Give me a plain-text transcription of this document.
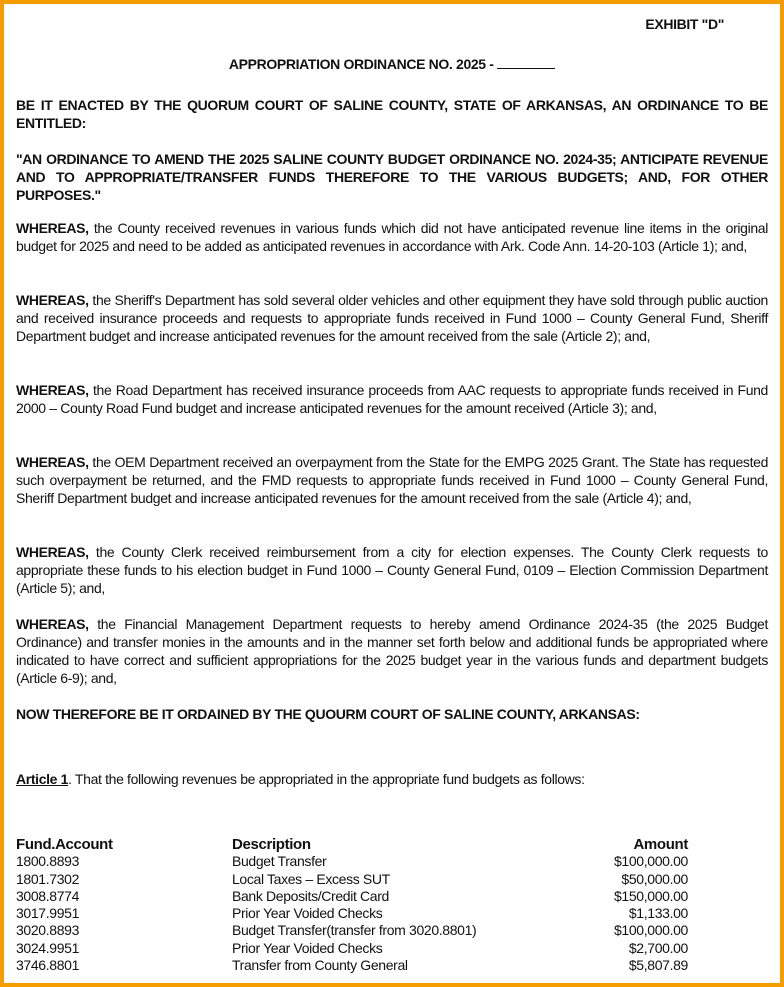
EXHIBIT "D"
APPROPRIATION ORDINANCE NO. 2025 -

BE IT ENACTED BY THE QUORUM COURT OF SALINE COUNTY, STATE OF ARKANSAS, AN ORDINANCE TO BE ENTITLED:

"AN ORDINANCE TO AMEND THE 2025 SALINE COUNTY BUDGET ORDINANCE NO. 2024-35; ANTICIPATE REVENUE AND TO APPROPRIATE/TRANSFER FUNDS THEREFORE TO THE VARIOUS BUDGETS; AND, FOR OTHER PURPOSES."

WHEREAS, the County received revenues in various funds which did not have anticipated revenue line items in the original budget for 2025 and need to be added as anticipated revenues in accordance with Ark. Code Ann. 14-20-103 (Article 1); and,

WHEREAS, the Sheriff's Department has sold several older vehicles and other equipment they have sold through public auction and received insurance proceeds and requests to appropriate funds received in Fund 1000 – County General Fund, Sheriff Department budget and increase anticipated revenues for the amount received from the sale (Article 2); and,

WHEREAS, the Road Department has received insurance proceeds from AAC requests to appropriate funds received in Fund 2000 – County Road Fund budget and increase anticipated revenues for the amount received (Article 3); and,

WHEREAS, the OEM Department received an overpayment from the State for the EMPG 2025 Grant. The State has requested such overpayment be returned, and the FMD requests to appropriate funds received in Fund 1000 – County General Fund, Sheriff Department budget and increase anticipated revenues for the amount received from the sale (Article 4); and,

WHEREAS, the County Clerk received reimbursement from a city for election expenses. The County Clerk requests to appropriate these funds to his election budget in Fund 1000 – County General Fund, 0109 – Election Commission Department (Article 5); and,

WHEREAS, the Financial Management Department requests to hereby amend Ordinance 2024-35 (the 2025 Budget Ordinance) and transfer monies in the amounts and in the manner set forth below and additional funds be appropriated where indicated to have correct and sufficient appropriations for the 2025 budget year in the various funds and department budgets (Article 6-9); and,

NOW THEREFORE BE IT ORDAINED BY THE QUOURM COURT OF SALINE COUNTY, ARKANSAS:

Article 1. That the following revenues be appropriated in the appropriate fund budgets as follows:

Fund.Account	Description	Amount
1800.8893	Budget Transfer	$100,000.00
1801.7302	Local Taxes – Excess SUT	$50,000.00
3008.8774	Bank Deposits/Credit Card	$150,000.00
3017.9951	Prior Year Voided Checks	$1,133.00
3020.8893	Budget Transfer(transfer from 3020.8801)	$100,000.00
3024.9951	Prior Year Voided Checks	$2,700.00
3746.8801	Transfer from County General	$5,807.89
